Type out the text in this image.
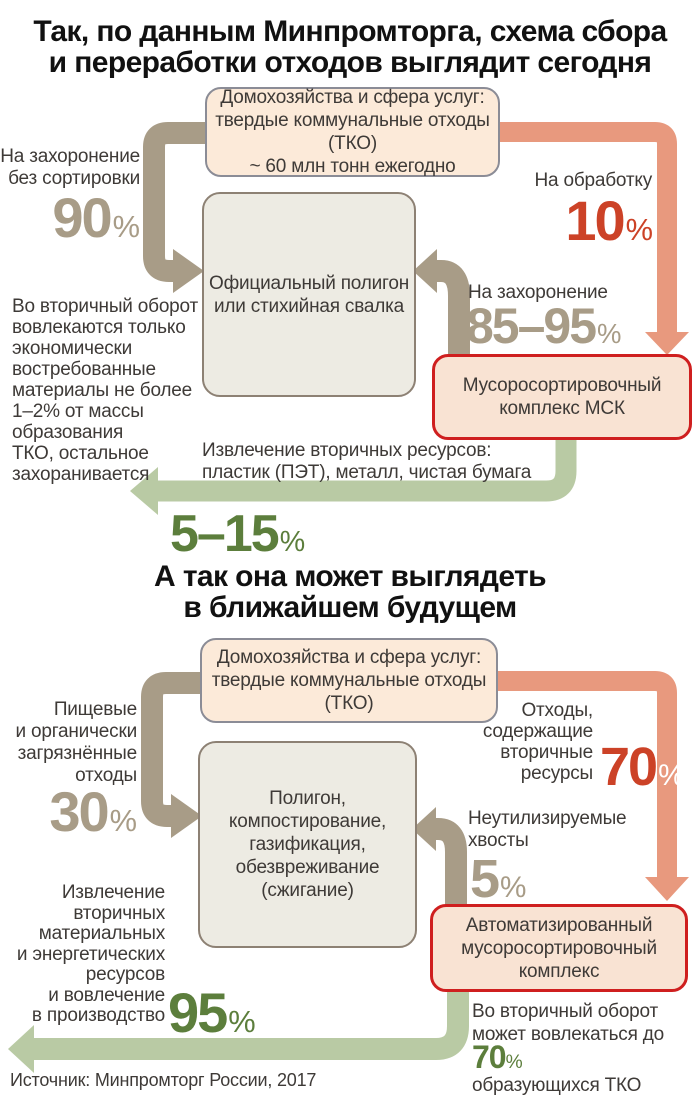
Так, по данным Минпромторга, схема сбора
и переработки отходов выглядит сегодня
Домохозяйства и сфера услуг:
твердые коммунальные отходы (ТКО)
~ 60 млн тонн ежегодно
Официальный полигон
или стихийная свалка
Мусоросортировочный
комплекс МСК
На захоронение
без сортировки
90%
На обработку
10%
На захоронение
85–95%
Во вторичный оборот
вовлекаются только
экономически
востребованные
материалы не более
1–2% от массы
образования
ТКО, остальное
захоранивается
Извлечение вторичных ресурсов:
пластик (ПЭТ), металл, чистая бумага
5–15%
А так она может выглядеть
в ближайшем будущем
Домохозяйства и сфера услуг:
твердые коммунальные отходы (ТКО)
Полигон,
компостирование,
газификация,
обезвреживание
(сжигание)
Автоматизированный
мусоросортировочный
комплекс
Пищевые
и органически
загрязнённые
отходы
30%
Отходы,
содержащие
вторичные
ресурсы 70%
Неутилизируемые
хвосты
5%
Извлечение
вторичных
материальных
и энергетических
ресурсов
и вовлечение
в производство 95%	Во вторичный оборот
может вовлекаться до 70%
образующихся ТКО
Источник: Минпромторг России, 2017
